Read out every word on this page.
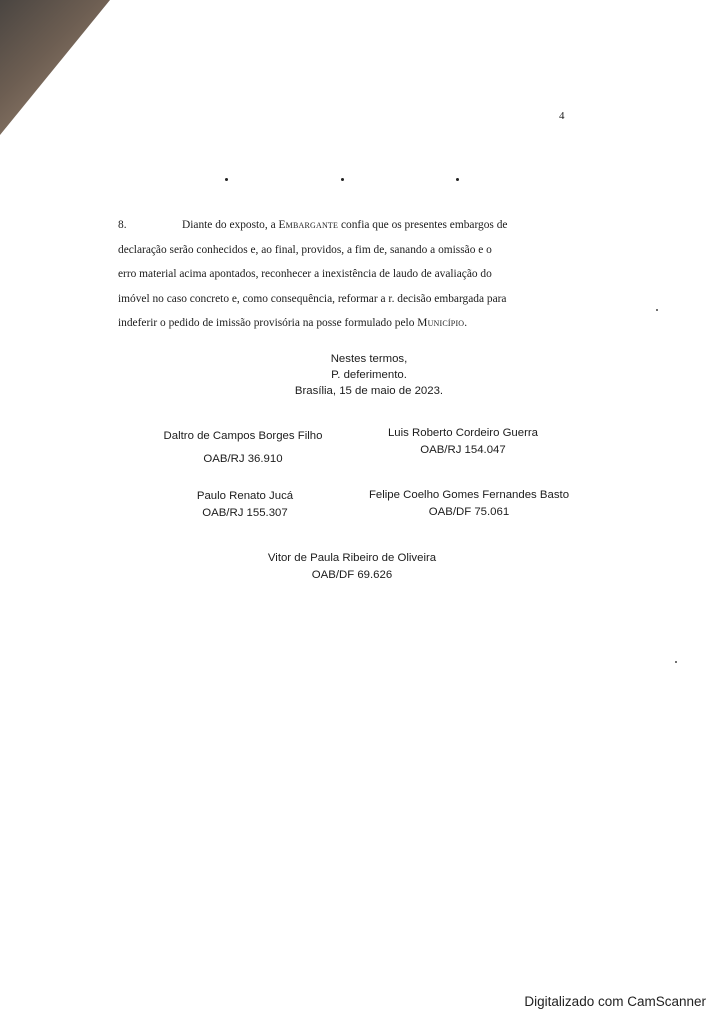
4
8.	Diante do exposto, a Embargante confia que os presentes embargos de
declaração serão conhecidos e, ao final, providos, a fim de, sanando a omissão e o
erro material acima apontados, reconhecer a inexistência de laudo de avaliação do
imóvel no caso concreto e, como consequência, reformar a r. decisão embargada para
indeferir o pedido de imissão provisória na posse formulado pelo Município.
Nestes termos,
P. deferimento.
Brasília, 15 de maio de 2023.
Daltro de Campos Borges Filho
OAB/RJ 36.910
Luis Roberto Cordeiro Guerra
OAB/RJ 154.047
Paulo Renato Jucá
OAB/RJ 155.307
Felipe Coelho Gomes Fernandes Basto
OAB/DF 75.061
Vitor de Paula Ribeiro de Oliveira
OAB/DF 69.626
Digitalizado com CamScanner
